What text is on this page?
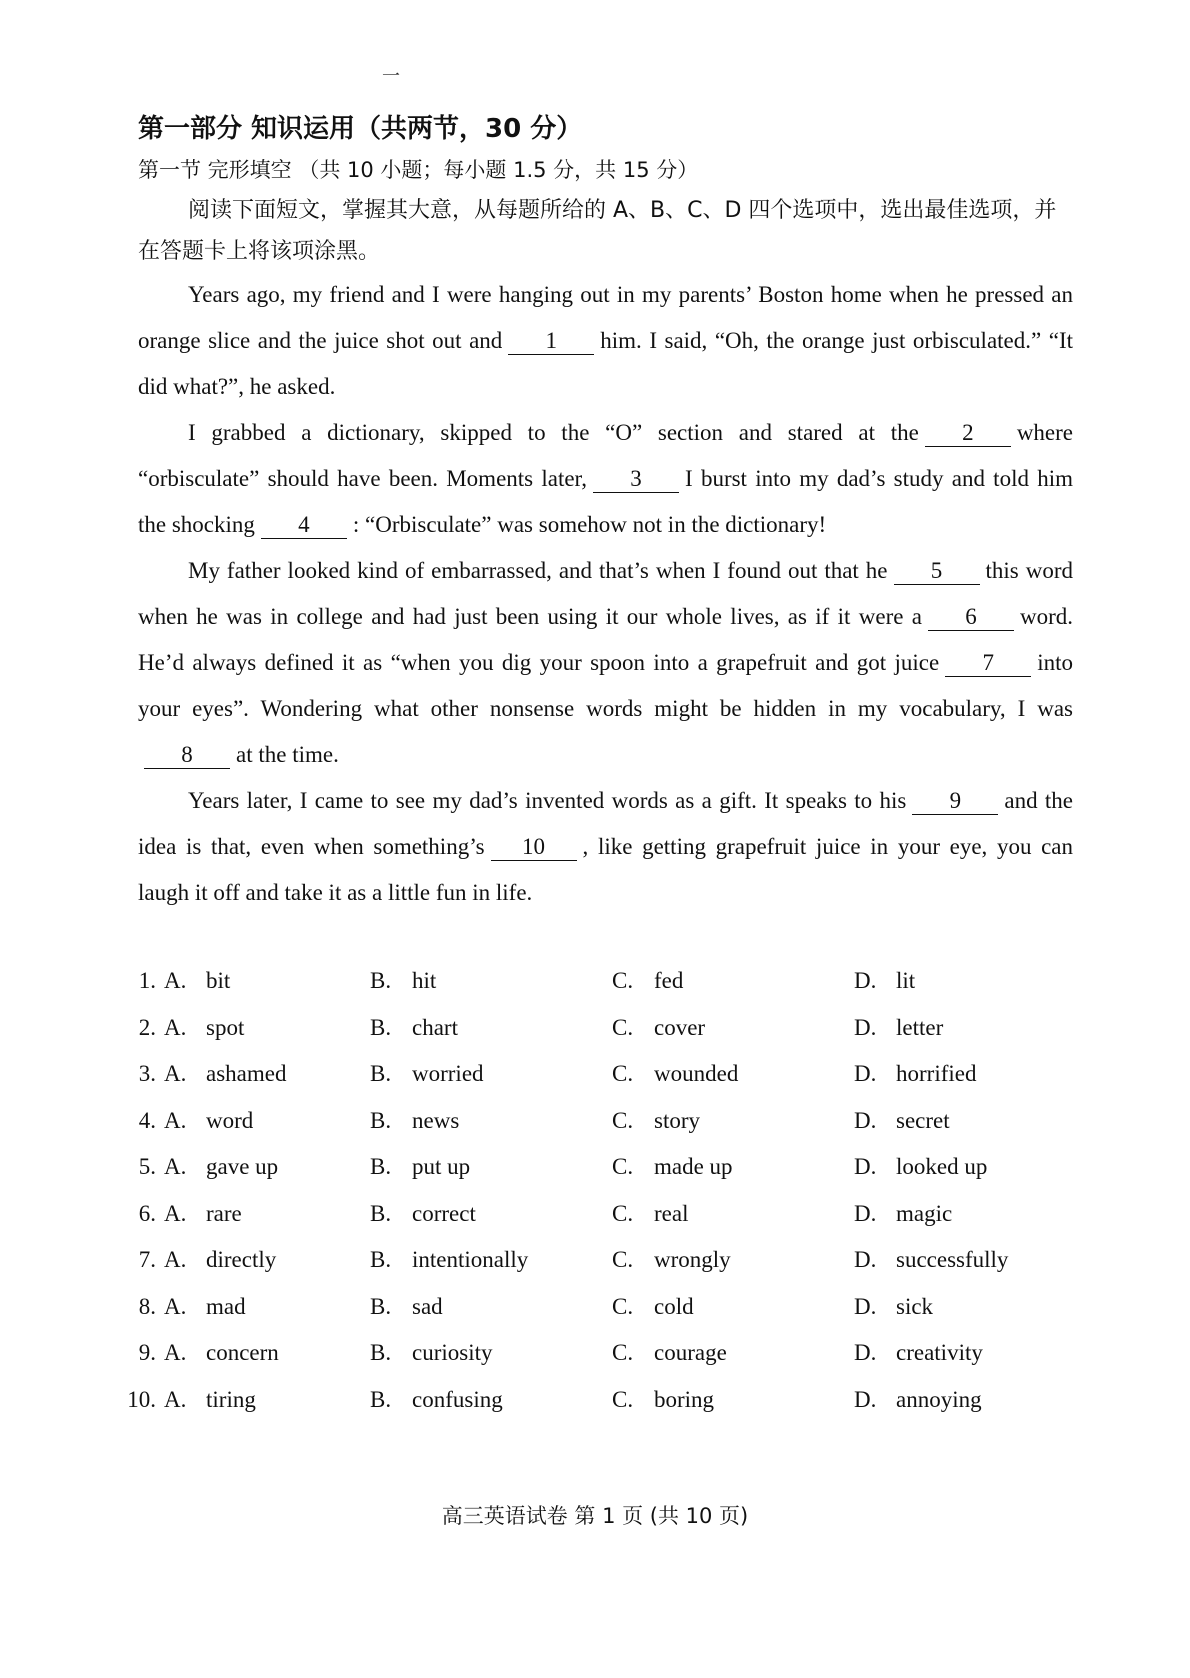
一
第一部分 知识运用（共两节，30 分）
第一节 完形填空 （共 10 小题；每小题 1.5 分，共 15 分）

阅读下面短文，掌握其大意，从每题所给的 A、B、C、D 四个选项中，选出最佳选项，并在答题卡上将该项涂黑。

Years ago, my friend and I were hanging out in my parents’ Boston home when he pressed an orange slice and the juice shot out and 1 him. I said, “Oh, the orange just orbisculated.” “It did what?”, he asked.

I grabbed a dictionary, skipped to the “O” section and stared at the 2 where “orbisculate” should have been. Moments later, 3 I burst into my dad’s study and told him the shocking 4 : “Orbisculate” was somehow not in the dictionary!

My father looked kind of embarrassed, and that’s when I found out that he 5 this word when he was in college and had just been using it our whole lives, as if it were a 6 word. He’d always defined it as “when you dig your spoon into a grapefruit and got juice 7 into your eyes”. Wondering what other nonsense words might be hidden in my vocabulary, I was8 at the time.

Years later, I came to see my dad’s invented words as a gift. It speaks to his 9 and the idea is that, even when something’s 10 , like getting grapefruit juice in your eye, you can laugh it off and take it as a little fun in life.

1. A. bit	B. hit	C. fed	D. lit
2. A. spot	B. chart	C. cover	D. letter
3. A. ashamed	B. worried	C. wounded	D. horrified
4. A. word	B. news	C. story	D. secret
5. A. gave up	B. put up	C. made up	D. looked up
6. A. rare	B. correct	C. real	D. magic
7. A. directly	B. intentionally	C. wrongly	D. successfully
8. A. mad	B. sad	C. cold	D. sick
9. A. concern	B. curiosity	C. courage	D. creativity
10. A. tiring	B. confusing	C. boring	D. annoying
高三英语试卷 第 1 页 (共 10 页)
